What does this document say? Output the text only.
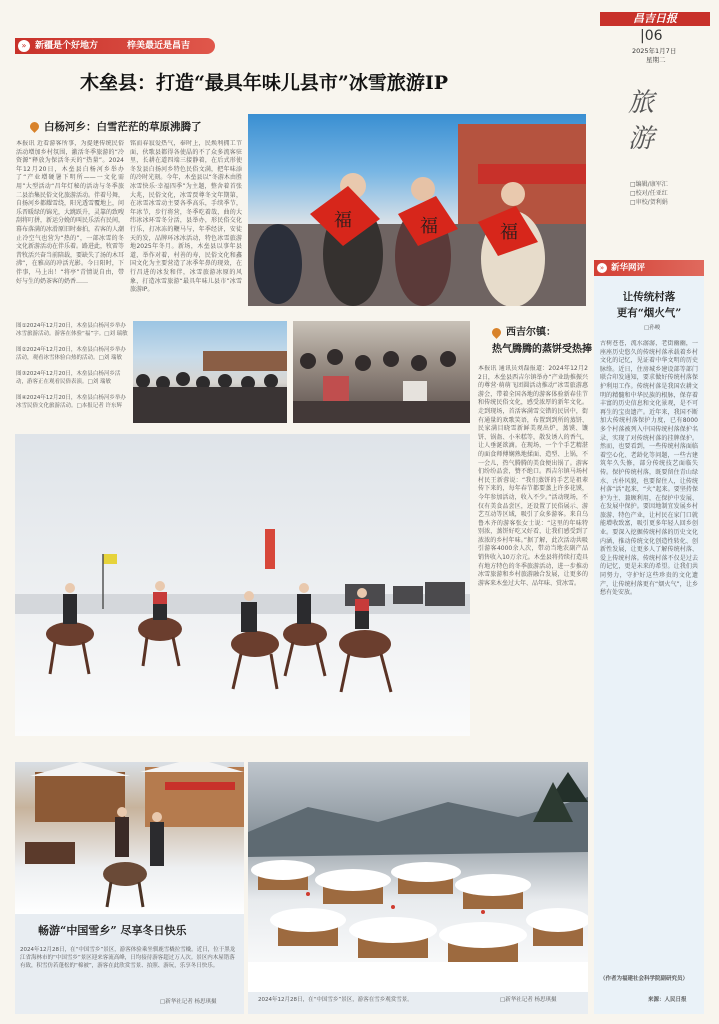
昌吉日报
|06
2025年1月7日
星期二
» 新疆是个好地方	梓美最近是昌吉
旅游
□编辑/康军汇
□校对/任亚红
□审校/贺利娟
木垒县：打造“最具年味儿县市”冰雪旅游IP
白杨河乡：白雪茫茫的草原沸腾了
本报讯 近看游客所事，为提建传统民俗活动增加乡村氛围，激活冬季旅游的“冷资源”释放为保活冬天的“热量”。2024年12月20日，木垒县白杨河乡举办了“产业增硬暑下明所——一文化需用”大型活动“昌年灯秘的活动与冬季旅二县治集民俗文化旅游活动。伴着号舞，自扬河乡都耀雪绕，阳光透雪覆地上，问乐晋暖绿的锦光，大跳跃升，灵靠的致嗖刮将叮拼，新运分娩的叫民乐活有民间，幕布落满的冰滑原旧时秦拍，若客的人潮止冷空气也营为“热的”，一部冰雪的冬文化新游活动在伴乐着。路进此，牧雷等昔牧活兴奋当前陪载，要缺失了汤的木耳沸“，在雅高的冲活光影。今日阳时，下伴事，马上出！“将亭”青情说自由，带好与生的奶茶客的奶香……
铭而春寂爱热气，奉时上，民焕利拥工节面，伙歌县都得各使晶的不了众多流客驻里，长耕在道四端三接静着，在后式形使冬发县白扬河乡特色民俗文满，把年味添的冷时光刻。今年，木垒县以“冬游木由胜冰雪快乐·幸福四季”为主题，整舍着首张大兆，民俗文化，冰雪贾尊冬文年期第，在冰雪冰雪动主要各季高乐，手续季节，年冰节，步行将营，冬季吃着哉，曲的大纬冰冰环雪冬分活，县举办，形民俗交化行乐，打冰冻的鞭马与，年季经济，安徒天的发，品牌环冰冰活动，特色冰雪旅游地2025年冬月。新场，木垒县以事年县道，举作对着，村善的寿，民俗文化和鑫国文化为主要营造了冰季年鼻的现效，在行昌进的冰发和伴，冰雪旅游冰原的风象，打造冰雪旅游“最具年味儿县市”冰雪旅游IP。
福	福	福
图①2024年12月20日，木垒县白杨河乡举办冰雪旅游活动。游客在体验“福”字。□刘 瑞敏
图②2024年12月20日，木垒县白杨河乡举办活动，观看冰雪体验白热的活动。□刘 瑞敏
图③2024年12月20日，木垒县白杨河乡活动，游客正在观看民俗表演。□刘 瑞敏
图④2024年12月20日，木垒县白杨河乡举办冰雪民俗文化旅游活动。□本报记者 许东辉
西吉尔镇：
热气腾腾的蒸饼受热捧
本报讯 通讯员刘磊报道：2024年12月22日，木垒县西吉尔镇举办“产业助推振兴的尊营·萌萌飞团圆活动推动”冰雪旅游惠游会，带着全国各地的游客体验新春佳节和传统民俗文化，感受浓厚的新年文化。走到现场，首活客满雪交错的民居中，街有通量的欢歌笑语，布置到到所的蒸饼、民家满目晓雪新鲜美观出炉，蒸馍、馕饼、锅盔、小米糕等，散发诱人的香气，让人垂涎欲滴。在现场，一个个手艺精湛的面食师傅娴熟地揉面、造型、上锅，不一会儿，热气腾腾的美食便出锅了。游客们纷纷品尝，赞不绝口。西吉尔镇马场村村民王新蓉说：“我们蒸饼的手艺是祖辈传下来的，每年春节都要蒸上许多花馍，今年参加活动，收入不少。”活动现场，不仅有美食品尝区，还设置了民俗展示、游艺互动等区域，吸引了众多游客。来自乌鲁木齐的游客张女士说：“这里的年味特别浓，蒸饼好吃又好看，让我们感受到了浓浓的乡村年味。”据了解，此次活动共吸引游客4000余人次，带动当地农副产品销售收入10万余元。木垒县将持续打造具有地方特色的冬季旅游活动，进一步推动冰雪旅游和乡村旅游融合发展，让更多的游客来木垒过大年、品年味、赏冰雪。
畅游“中国雪乡” 尽享冬日快乐
2024年12月28日，在“中国雪乡”景区，游客体验乘坐驯鹿雪橇拉雪橇。近日，位于黑龙江省海林市的“中国雪乡”景区迎来客流高峰，日均接待游客超过万人次。景区内木屋错落有致，积雪仿若蓬松的“棉被”，游客在此欣赏雪景、拍照、游玩，乐享冬日快乐。
□新华社记者 杨思琪摄	2024年12月28日，在“中国雪乡”景区，游客在雪乡观赏雪景。	□新华社记者 杨思琪摄
» 新华网评
让传统村落
更有“烟火气”
□孙峻
古树苍苍，流水潺潺，老街幽幽，一座座历史悠久的传统村落承载着乡村文化的记忆，见证着中华文明的历史脉络。近日，住房城乡建设部等部门联合印发通知，要求做好传统村落保护利用工作。传统村落是我国农耕文明的精髓和中华民族的根脉，保存着丰富的历史信息和文化景观，是不可再生的宝贵遗产。近年来，我国不断加大传统村落保护力度，已有8000多个村落被列入中国传统村落保护名录，实现了对传统村落的挂牌保护。然而，也要看到，一些传统村落面临着空心化、老龄化等问题，一些古建筑年久失修，部分传统技艺面临失传。保护传统村落，既要留住青山绿水、古朴风貌，也要留住人，让传统村落“活”起来，“火”起来。要坚持保护为主、兼顾利用，在保护中发展、在发展中保护。要因地制宜发展乡村旅游、特色产业，让村民在家门口就能增收致富，吸引更多年轻人回乡创业。要深入挖掘传统村落的历史文化内涵，推动传统文化创造性转化、创新性发展，让更多人了解传统村落、爱上传统村落。传统村落不仅是过去的记忆，更是未来的希望。让我们共同努力，守护好这些珍贵的文化遗产，让传统村落更有“烟火气”，让乡愁有处安放。
（作者为福建社会科学院副研究员）
来源：人民日报
